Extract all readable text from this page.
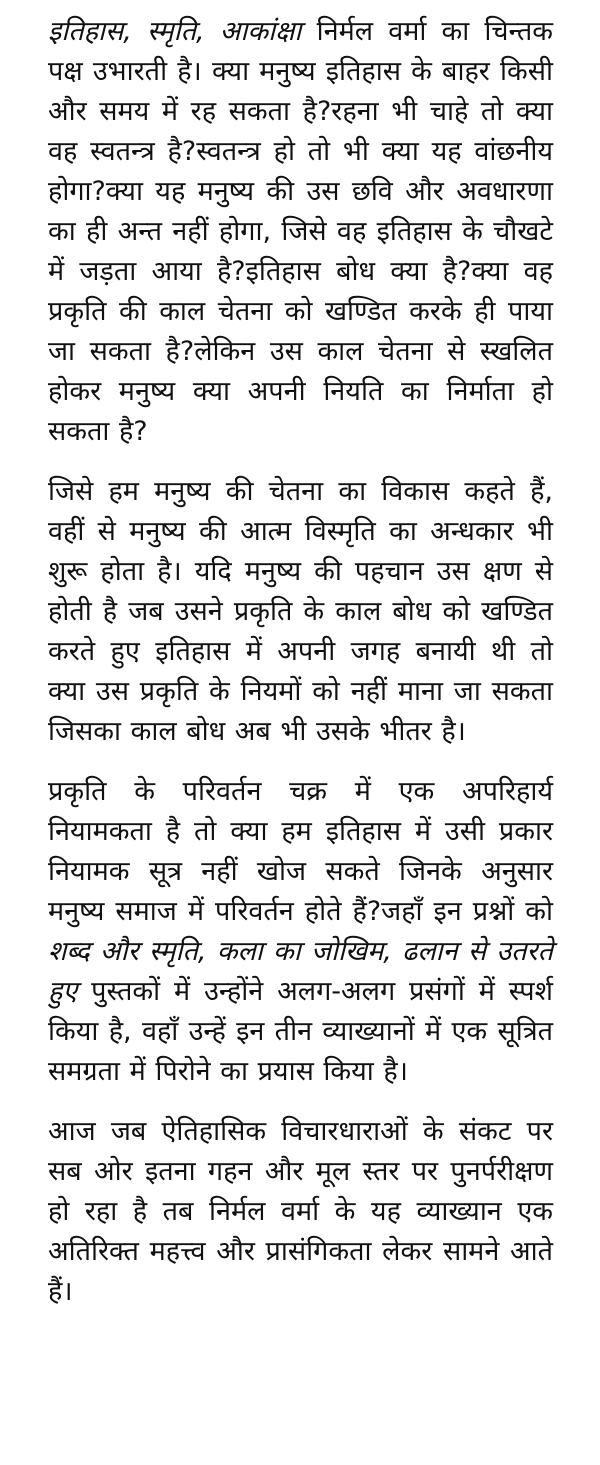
इतिहास, स्मृति, आकांक्षा निर्मल वर्मा का चिन्तक पक्ष उभारती है। क्या मनुष्य इतिहास के बाहर किसी और समय में रह सकता है?रहना भी चाहे तो क्या वह स्वतन्त्र है?स्वतन्त्र हो तो भी क्या यह वांछनीय होगा?क्या यह मनुष्य की उस छवि और अवधारणा का ही अन्त नहीं होगा, जिसे वह इतिहास के चौखटे में जड़ता आया है?इतिहास बोध क्या है?क्या वह प्रकृति की काल चेतना को खण्डित करके ही पाया जा सकता है?लेकिन उस काल चेतना से स्खलित होकर मनुष्य क्या अपनी नियति का निर्माता हो सकता है?

जिसे हम मनुष्य की चेतना का विकास कहते हैं, वहीं से मनुष्य की आत्म विस्मृति का अन्धकार भी शुरू होता है। यदि मनुष्य की पहचान उस क्षण से होती है जब उसने प्रकृति के काल बोध को खण्डित करते हुए इतिहास में अपनी जगह बनायी थी तो क्या उस प्रकृति के नियमों को नहीं माना जा सकता जिसका काल बोध अब भी उसके भीतर है।

प्रकृति के परिवर्तन चक्र में एक अपरिहार्य नियामकता है तो क्या हम इतिहास में उसी प्रकार नियामक सूत्र नहीं खोज सकते जिनके अनुसार मनुष्य समाज में परिवर्तन होते हैं?जहाँ इन प्रश्नों को शब्द और स्मृति, कला का जोखिम, ढलान से उतरते हुए पुस्तकों में उन्होंने अलग-अलग प्रसंगों में स्पर्श किया है, वहाँ उन्हें इन तीन व्याख्यानों में एक सूत्रित समग्रता में पिरोने का प्रयास किया है।

आज जब ऐतिहासिक विचारधाराओं के संकट पर सब ओर इतना गहन और मूल स्तर पर पुनर्परीक्षण हो रहा है तब निर्मल वर्मा के यह व्याख्यान एक अतिरिक्त महत्त्व और प्रासंगिकता लेकर सामने आते हैं।
